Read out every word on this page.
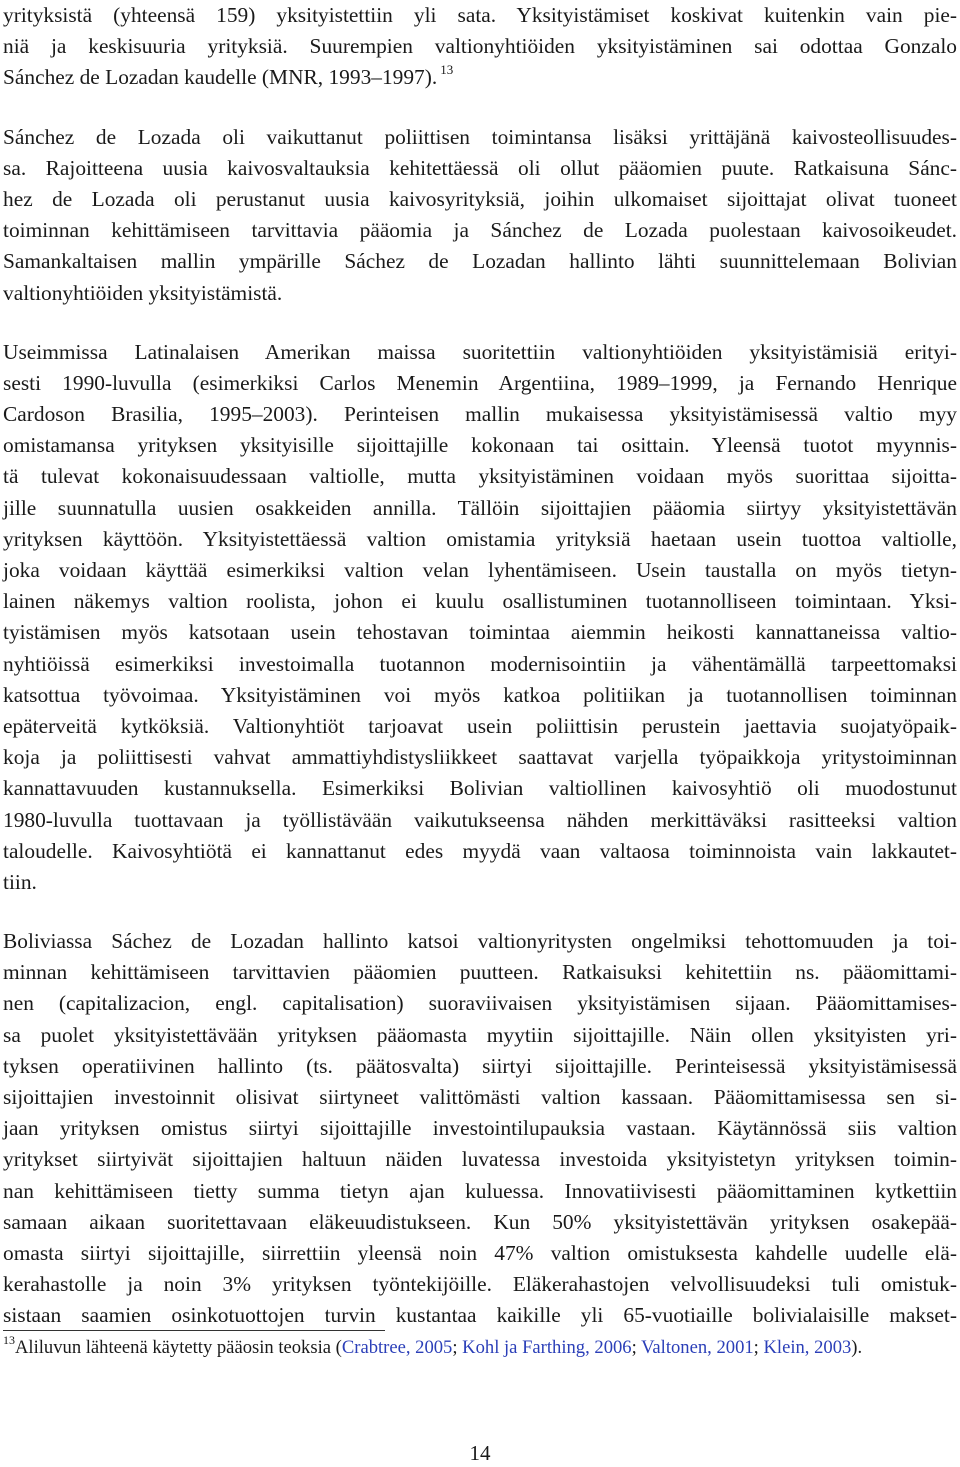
yrityksistä (yhteensä 159) yksityistettiin yli sata. Yksityistämiset koskivat kuitenkin vain pie-
niä ja keskisuuria yrityksiä. Suurempien valtionyhtiöiden yksityistäminen sai odottaa Gonzalo
Sánchez de Lozadan kaudelle (MNR, 1993–1997). $^{13}$
Sánchez de Lozada oli vaikuttanut poliittisen toimintansa lisäksi yrittäjänä kaivosteollisuudes-
sa. Rajoitteena uusia kaivosvaltauksia kehitettäessä oli ollut pääomien puute. Ratkaisuna Sánc-
hez de Lozada oli perustanut uusia kaivosyrityksiä, joihin ulkomaiset sijoittajat olivat tuoneet
toiminnan kehittämiseen tarvittavia pääomia ja Sánchez de Lozada puolestaan kaivosoikeudet.
Samankaltaisen mallin ympärille Sáchez de Lozadan hallinto lähti suunnittelemaan Bolivian
valtionyhtiöiden yksityistämistä.
Useimmissa Latinalaisen Amerikan maissa suoritettiin valtionyhtiöiden yksityistämisiä erityi-
sesti 1990-luvulla (esimerkiksi Carlos Menemin Argentiina, 1989–1999, ja Fernando Henrique
Cardoson Brasilia, 1995–2003). Perinteisen mallin mukaisessa yksityistämisessä valtio myy
omistamansa yrityksen yksityisille sijoittajille kokonaan tai osittain. Yleensä tuotot myynnis-
tä tulevat kokonaisuudessaan valtiolle, mutta yksityistäminen voidaan myös suorittaa sijoitta-
jille suunnatulla uusien osakkeiden annilla. Tällöin sijoittajien pääomia siirtyy yksityistettävän
yrityksen käyttöön. Yksityistettäessä valtion omistamia yrityksiä haetaan usein tuottoa valtiolle,
joka voidaan käyttää esimerkiksi valtion velan lyhentämiseen. Usein taustalla on myös tietyn-
lainen näkemys valtion roolista, johon ei kuulu osallistuminen tuotannolliseen toimintaan. Yksi-
tyistämisen myös katsotaan usein tehostavan toimintaa aiemmin heikosti kannattaneissa valtio-
nyhtiöissä esimerkiksi investoimalla tuotannon modernisointiin ja vähentämällä tarpeettomaksi
katsottua työvoimaa. Yksityistäminen voi myös katkoa politiikan ja tuotannollisen toiminnan
epäterveitä kytköksiä. Valtionyhtiöt tarjoavat usein poliittisin perustein jaettavia suojatyöpaik-
koja ja poliittisesti vahvat ammattiyhdistysliikkeet saattavat varjella työpaikkoja yritystoiminnan
kannattavuuden kustannuksella. Esimerkiksi Bolivian valtiollinen kaivosyhtiö oli muodostunut
1980-luvulla tuottavaan ja työllistävään vaikutukseensa nähden merkittäväksi rasitteeksi valtion
taloudelle. Kaivosyhtiötä ei kannattanut edes myydä vaan valtaosa toiminnoista vain lakkautet-
tiin.
Boliviassa Sáchez de Lozadan hallinto katsoi valtionyritysten ongelmiksi tehottomuuden ja toi-
minnan kehittämiseen tarvittavien pääomien puutteen. Ratkaisuksi kehitettiin ns. pääomittami-
nen (capitalizacion, engl. capitalisation) suoraviivaisen yksityistämisen sijaan. Pääomittamises-
sa puolet yksityistettävään yrityksen pääomasta myytiin sijoittajille. Näin ollen yksityisten yri-
tyksen operatiivinen hallinto (ts. päätosvalta) siirtyi sijoittajille. Perinteisessä yksityistämisessä
sijoittajien investoinnit olisivat siirtyneet valittömästi valtion kassaan. Pääomittamisessa sen si-
jaan yrityksen omistus siirtyi sijoittajille investointilupauksia vastaan. Käytännössä siis valtion
yritykset siirtyivät sijoittajien haltuun näiden luvatessa investoida yksityistetyn yrityksen toimin-
nan kehittämiseen tietty summa tietyn ajan kuluessa. Innovatiivisesti pääomittaminen kytkettiin
samaan aikaan suoritettavaan eläkeuudistukseen. Kun 50% yksityistettävän yrityksen osakepää-
omasta siirtyi sijoittajille, siirrettiin yleensä noin 47% valtion omistuksesta kahdelle uudelle elä-
kerahastolle ja noin 3% yrityksen työntekijöille. Eläkerahastojen velvollisuudeksi tuli omistuk-
sistaan saamien osinkotuottojen turvin kustantaa kaikille yli 65-vuotiaille bolivialaisille makset-
$^{13}$Aliluvun lähteenä käytetty pääosin teoksia (Crabtree, 2005; Kohl ja Farthing, 2006; Valtonen, 2001; Klein, 2003).
14
